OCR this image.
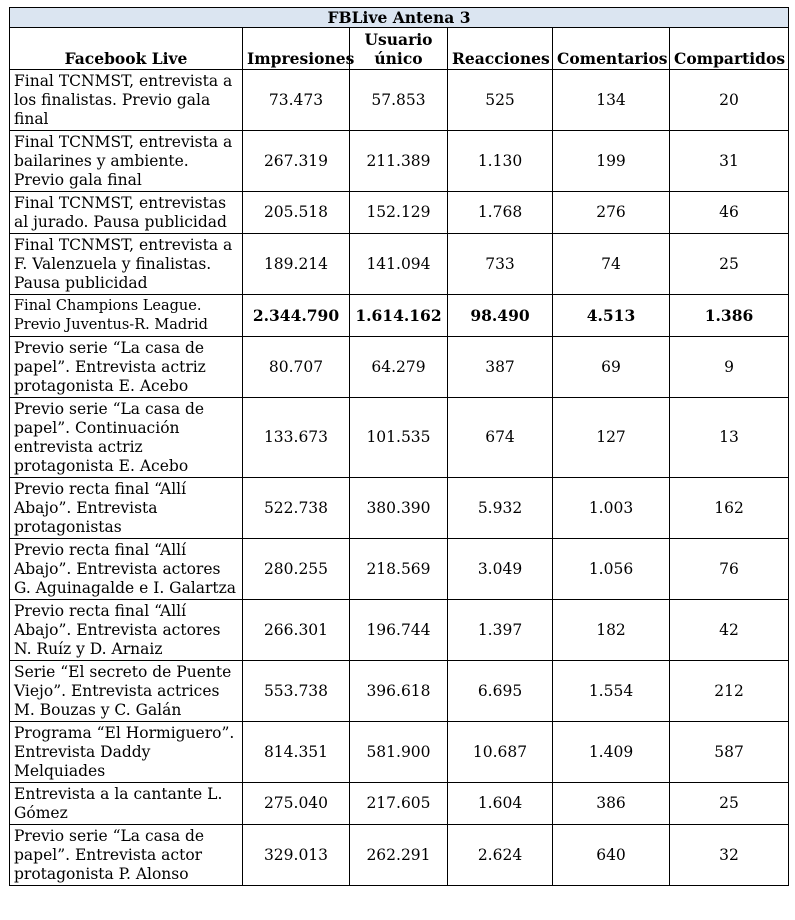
FBLive Antena 3					
Facebook Live	Impresiones	Usuario único	Reacciones	Comentarios	Compartidos
Final TCNMST, entrevista a los finalistas. Previo gala final	73.473	57.853	525	134	20
Final TCNMST, entrevista a bailarines y ambiente. Previo gala final	267.319	211.389	1.130	199	31
Final TCNMST, entrevistas al jurado. Pausa publicidad	205.518	152.129	1.768	276	46
Final TCNMST, entrevista a F. Valenzuela y finalistas. Pausa publicidad	189.214	141.094	733	74	25
Final Champions League. Previo Juventus-R. Madrid	2.344.790	1.614.162	98.490	4.513	1.386
Previo serie “La casa de papel”. Entrevista actriz protagonista E. Acebo	80.707	64.279	387	69	9
Previo serie “La casa de papel”. Continuación entrevista actriz protagonista E. Acebo	133.673	101.535	674	127	13
Previo recta final “Allí Abajo”. Entrevista protagonistas	522.738	380.390	5.932	1.003	162
Previo recta final “Allí Abajo”. Entrevista actores G. Aguinagalde e I. Galartza	280.255	218.569	3.049	1.056	76
Previo recta final “Allí Abajo”. Entrevista actores N. Ruíz y D. Arnaiz	266.301	196.744	1.397	182	42
Serie “El secreto de Puente Viejo”. Entrevista actrices M. Bouzas y C. Galán	553.738	396.618	6.695	1.554	212
Programa “El Hormiguero”. Entrevista Daddy Melquiades	814.351	581.900	10.687	1.409	587
Entrevista a la cantante L. Gómez	275.040	217.605	1.604	386	25
Previo serie “La casa de papel”. Entrevista actor protagonista P. Alonso	329.013	262.291	2.624	640	32
